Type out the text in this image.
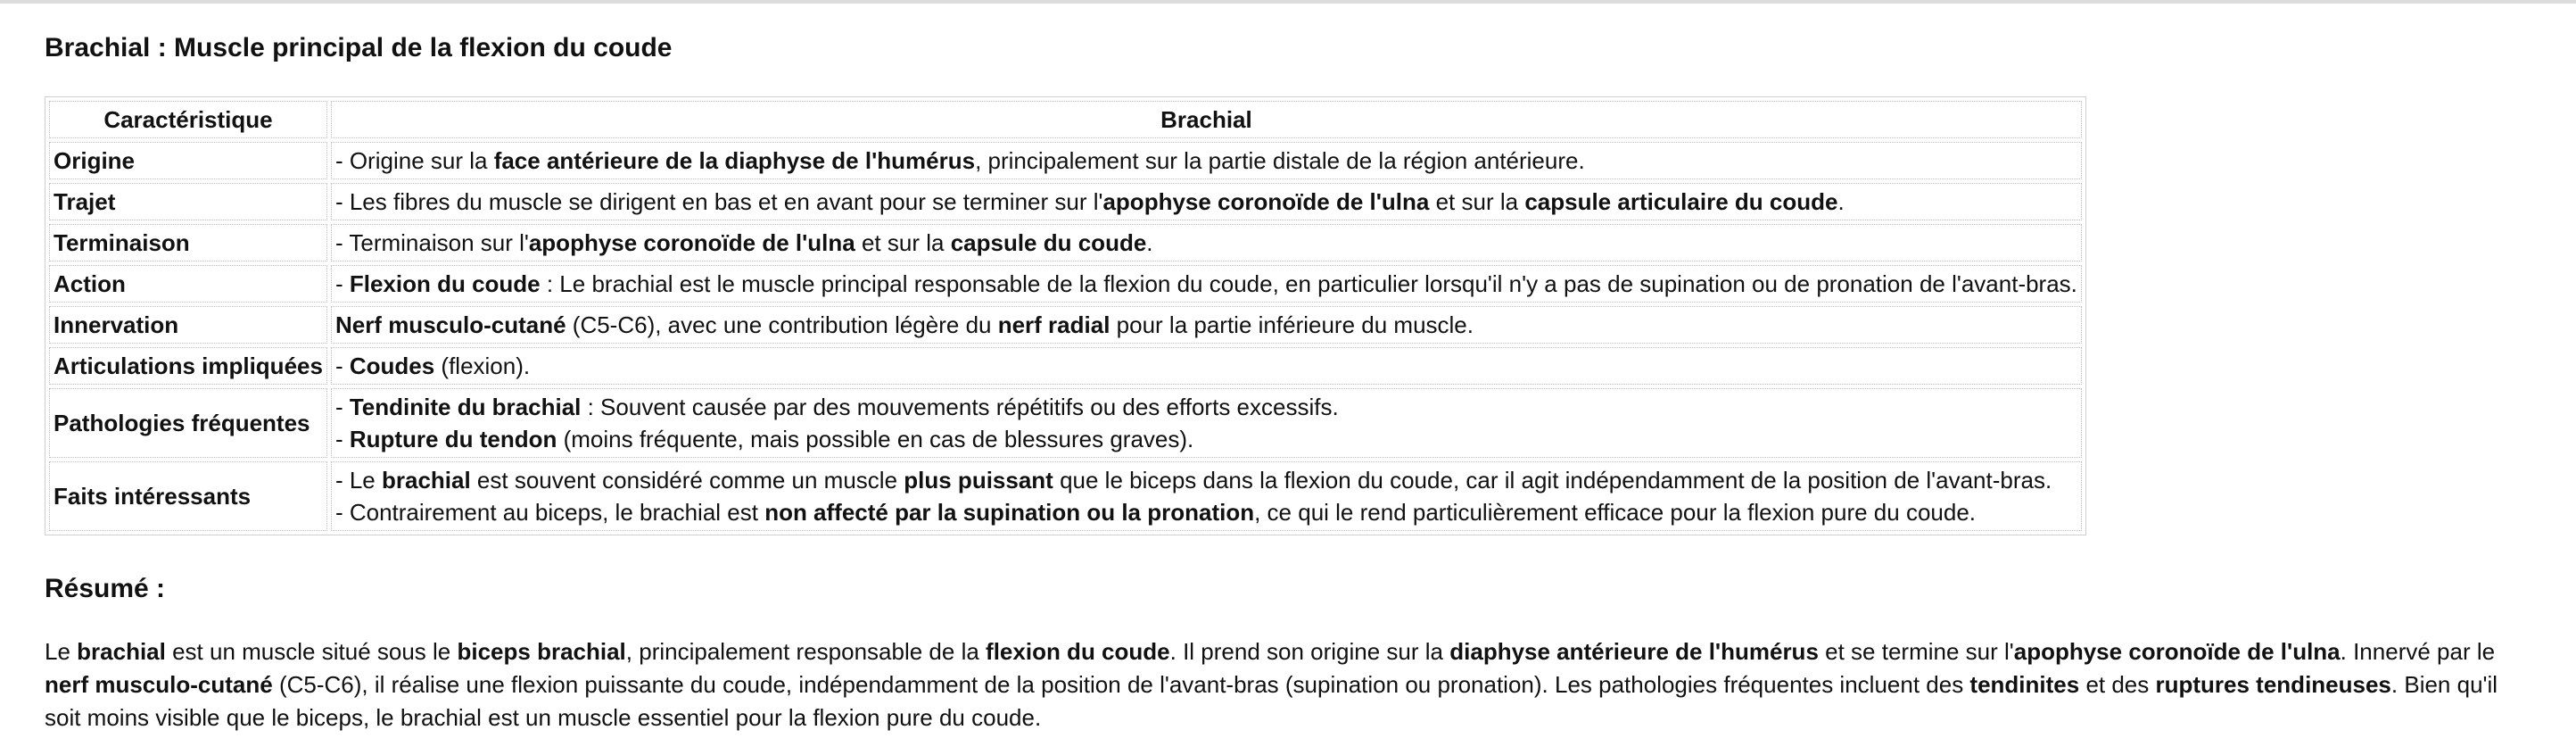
Brachial : Muscle principal de la flexion du coude
Caractéristique	Brachial
Origine	- Origine sur la face antérieure de la diaphyse de l'humérus, principalement sur la partie distale de la région antérieure.

Trajet	- Les fibres du muscle se dirigent en bas et en avant pour se terminer sur l'apophyse coronoïde de l'ulna et sur la capsule articulaire du coude.

Terminaison	- Terminaison sur l'apophyse coronoïde de l'ulna et sur la capsule du coude.

Action	- Flexion du coude : Le brachial est le muscle principal responsable de la flexion du coude, en particulier lorsqu'il n'y a pas de supination ou de pronation de l'avant-bras.

Innervation	Nerf musculo-cutané (C5-C6), avec une contribution légère du nerf radial pour la partie inférieure du muscle.

Articulations impliquées	- Coudes (flexion).

Pathologies fréquentes	- Tendinite du brachial : Souvent causée par des mouvements répétitifs ou des efforts excessifs.
- Rupture du tendon (moins fréquente, mais possible en cas de blessures graves).

Faits intéressants	- Le brachial est souvent considéré comme un muscle plus puissant que le biceps dans la flexion du coude, car il agit indépendamment de la position de l'avant-bras.
- Contrairement au biceps, le brachial est non affecté par la supination ou la pronation, ce qui le rend particulièrement efficace pour la flexion pure du coude.
Résumé :

Le brachial est un muscle situé sous le biceps brachial, principalement responsable de la flexion du coude. Il prend son origine sur la diaphyse antérieure de l'humérus et se termine sur l'apophyse coronoïde de l'ulna. Innervé par le nerf musculo-cutané (C5-C6), il réalise une flexion puissante du coude, indépendamment de la position de l'avant-bras (supination ou pronation). Les pathologies fréquentes incluent des tendinites et des ruptures tendineuses. Bien qu'il soit moins visible que le biceps, le brachial est un muscle essentiel pour la flexion pure du coude.
